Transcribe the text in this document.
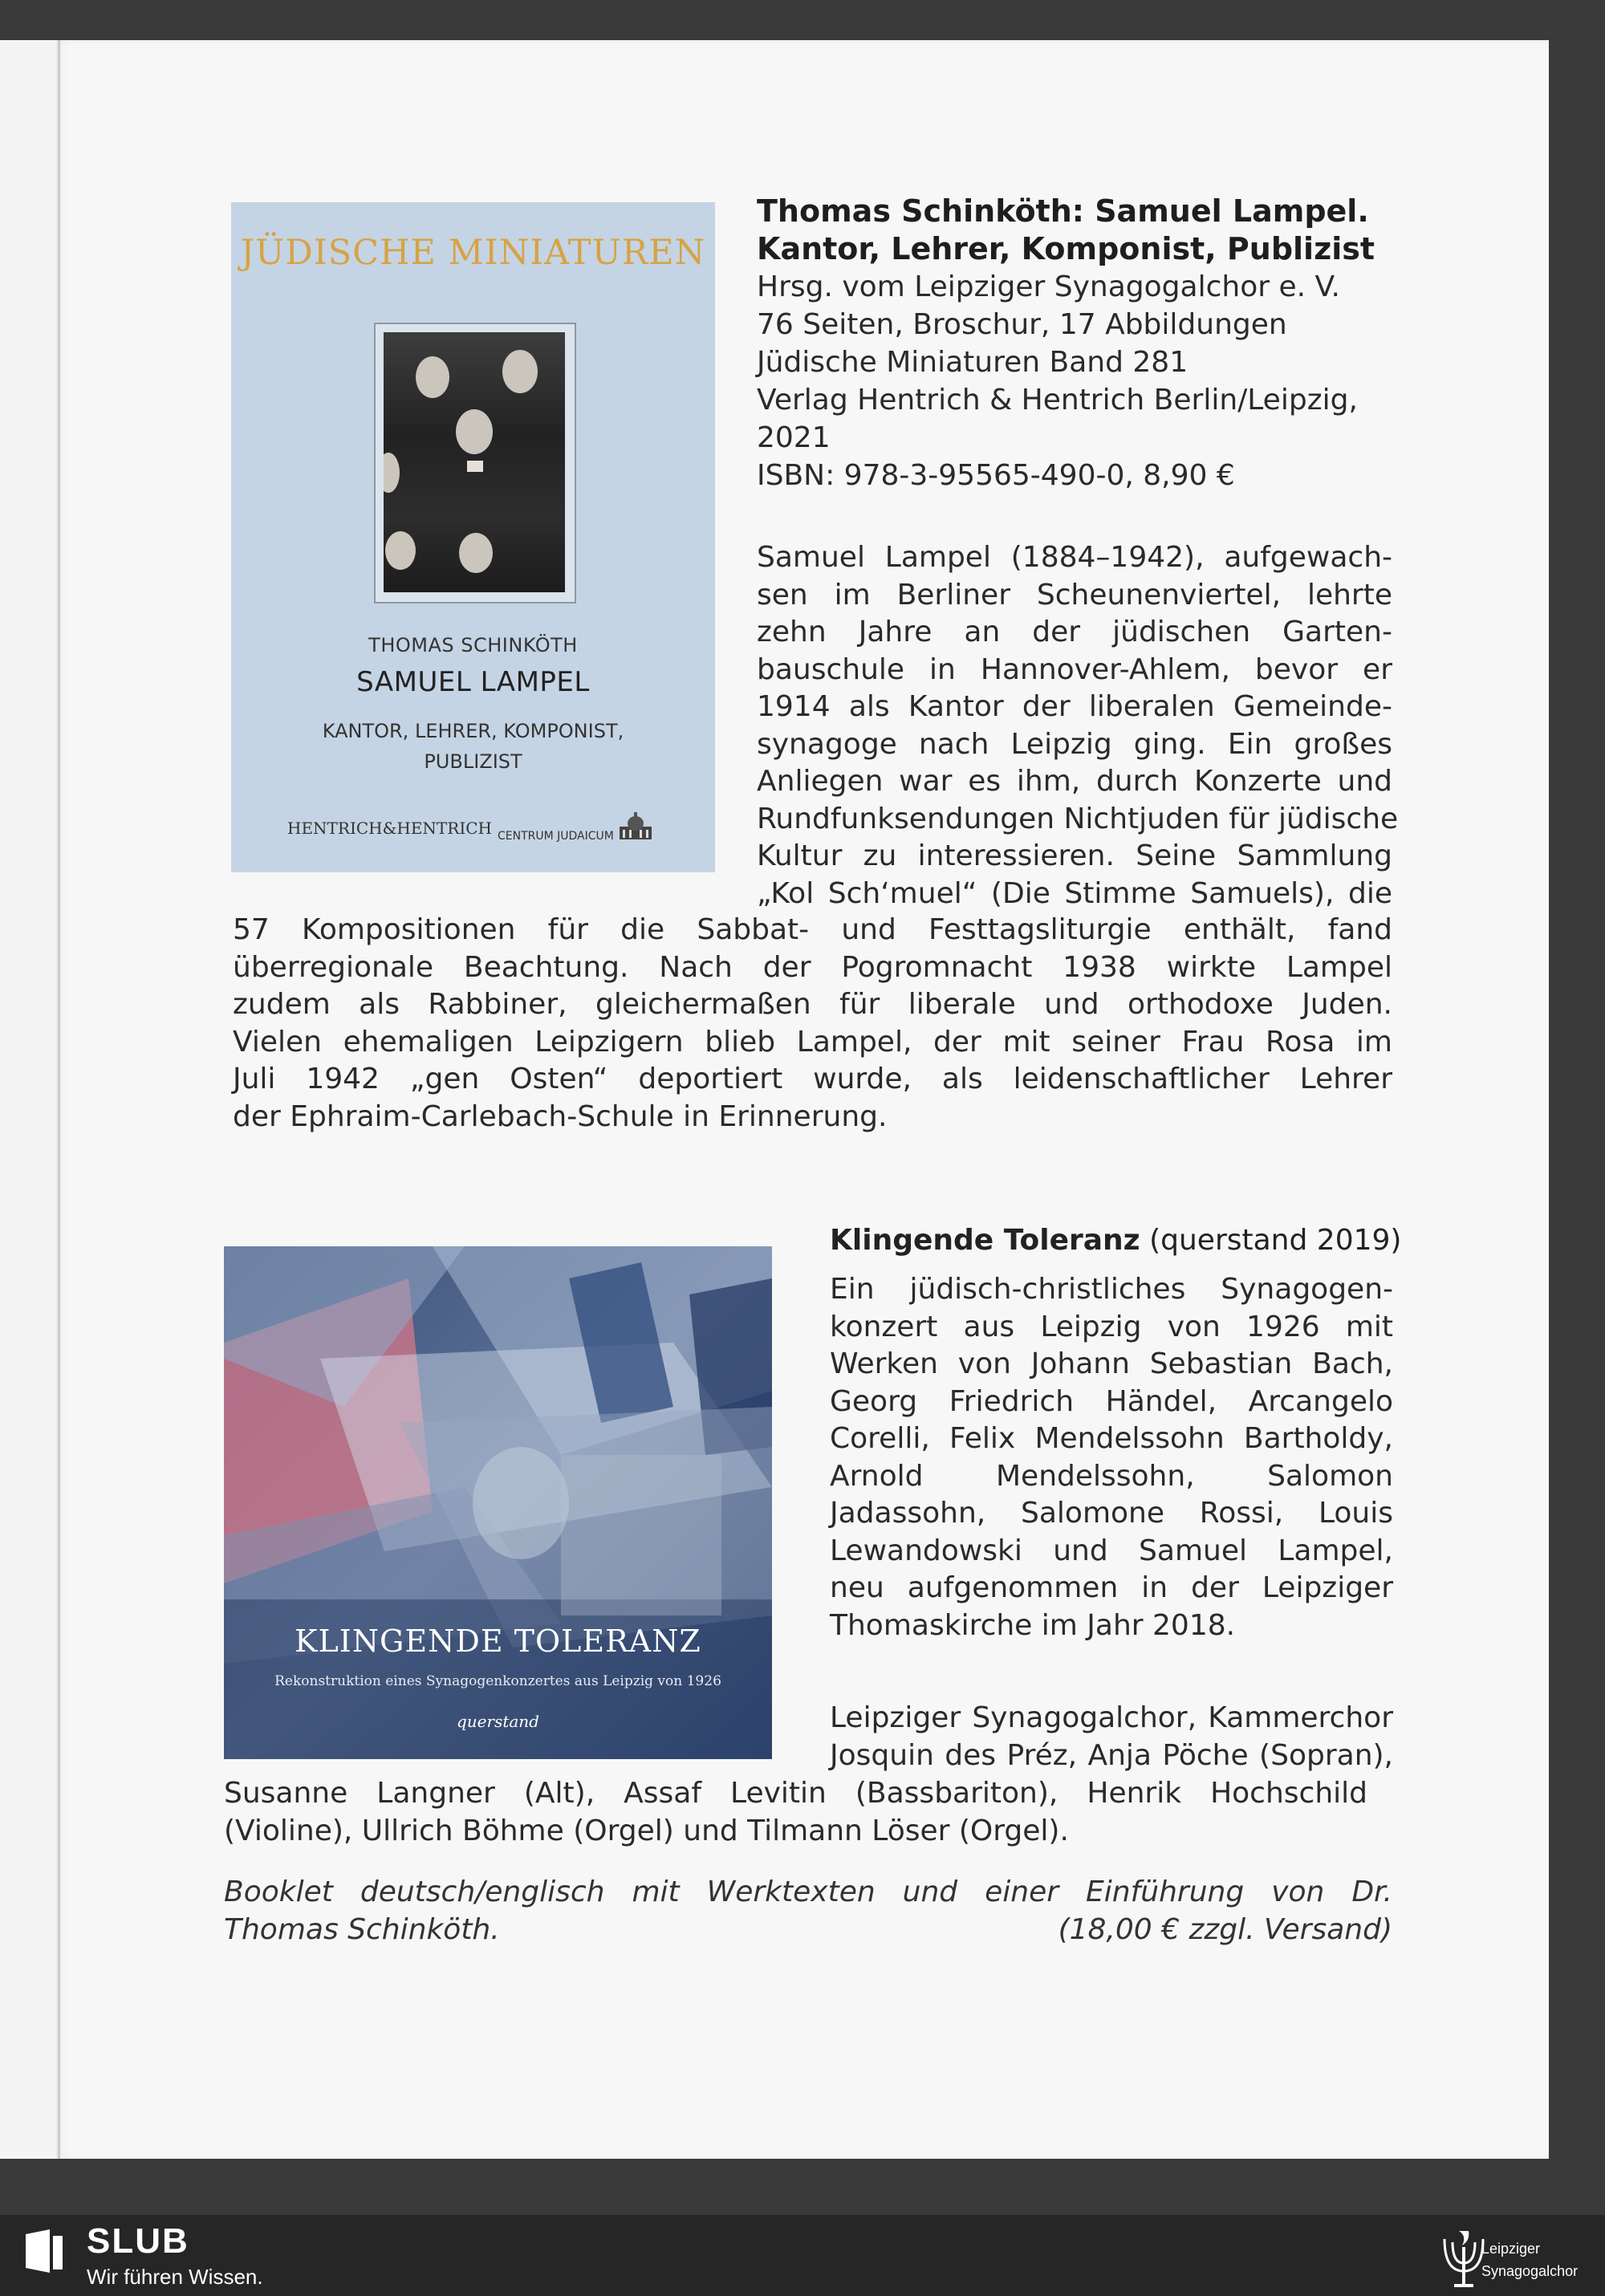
JÜDISCHE MINIATUREN
THOMAS SCHINKÖTH
SAMUEL LAMPEL
KANTOR, LEHRER, KOMPONIST,
PUBLIZIST
HENTRICH&HENTRICH CENTRUM JUDAICUM
Thomas Schinköth: Samuel Lampel.
Kantor, Lehrer, Komponist, Publizist
Hrsg. vom Leipziger Synagogalchor e. V.
76 Seiten, Broschur, 17 Abbildungen
Jüdische Miniaturen Band 281
Verlag Hentrich & Hentrich Berlin/Leipzig,
2021
ISBN: 978-3-95565-490-0, 8,90 €
Samuel Lampel (1884–1942), aufgewach-
sen im Berliner Scheunenviertel, lehrte
zehn Jahre an der jüdischen Garten-
bauschule in Hannover-Ahlem, bevor er
1914 als Kantor der liberalen Gemeinde-
synagoge nach Leipzig ging. Ein großes
Anliegen war es ihm, durch Konzerte und
Rundfunksendungen Nichtjuden für jüdische
Kultur zu interessieren. Seine Sammlung
„Kol Sch‘muel“ (Die Stimme Samuels), die
57 Kompositionen für die Sabbat- und Festtagsliturgie enthält, fand
überregionale Beachtung. Nach der Pogromnacht 1938 wirkte Lampel
zudem als Rabbiner, gleichermaßen für liberale und orthodoxe Juden.
Vielen ehemaligen Leipzigern blieb Lampel, der mit seiner Frau Rosa im
Juli 1942 „gen Osten“ deportiert wurde, als leidenschaftlicher Lehrer
der Ephraim-Carlebach-Schule in Erinnerung.
KLINGENDE TOLERANZ
Rekonstruktion eines Synagogenkonzertes aus Leipzig von 1926
querstand
Klingende Toleranz (querstand 2019)
Ein jüdisch-christliches Synagogen-
konzert aus Leipzig von 1926 mit
Werken von Johann Sebastian Bach,
Georg Friedrich Händel, Arcangelo
Corelli, Felix Mendelssohn Bartholdy,
Arnold Mendelssohn, Salomon
Jadassohn, Salomone Rossi, Louis
Lewandowski und Samuel Lampel,
neu aufgenommen in der Leipziger
Thomaskirche im Jahr 2018.
Leipziger Synagogalchor, Kammerchor
Josquin des Préz, Anja Pöche (Sopran),
Susanne Langner (Alt), Assaf Levitin (Bassbariton), Henrik Hochschild
(Violine), Ullrich Böhme (Orgel) und Tilmann Löser (Orgel).
Booklet deutsch/englisch mit Werktexten und einer Einführung von Dr.
Thomas Schinköth.	(18,00 € zzgl. Versand)
SLUB
Wir führen Wissen.
Leipziger
Synagogalchor
